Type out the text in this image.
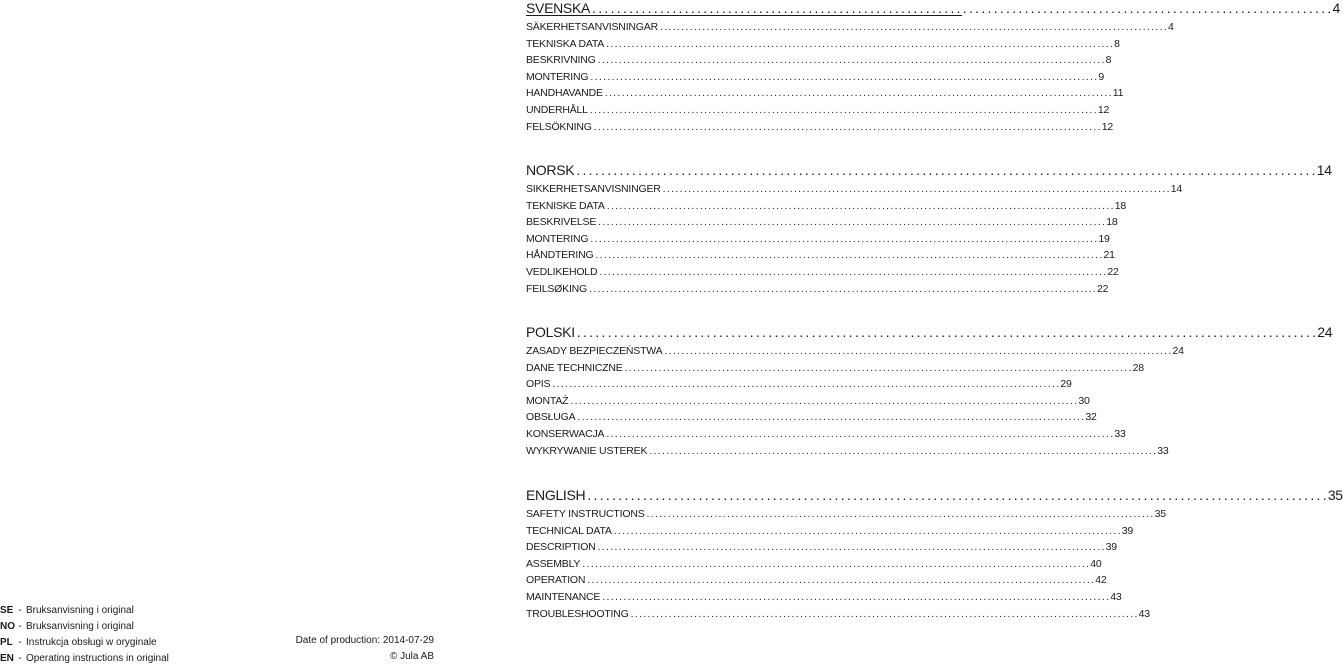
SVENSKA . . .	4
SÄKERHETSANVISNINGAR . . .	4
TEKNISKA DATA . . .	8
BESKRIVNING . . .	8
MONTERING . . .	9
HANDHAVANDE . . .	11
UNDERHÅLL . . .	12
FELSÖKNING . . .	12
NORSK . . .	14
SIKKERHETSANVISNINGER . . .	14
TEKNISKE DATA . . .	18
BESKRIVELSE . . .	18
MONTERING . . .	19
HÅNDTERING . . .	21
VEDLIKEHOLD . . .	22
FEILSØKING . . .	22
POLSKI . . .	24
ZASADY BEZPIECZEŃSTWA . . .	24
DANE TECHNICZNE . . .	28
OPIS . . .	29
MONTAŻ . . .	30
OBSŁUGA . . .	32
KONSERWACJA . . .	33
WYKRYWANIE USTEREK . . .	33
ENGLISH . . .	35
SAFETY INSTRUCTIONS . . .	35
TECHNICAL DATA . . .	39
DESCRIPTION . . .	39
ASSEMBLY . . .	40
OPERATION . . .	42
MAINTENANCE . . .	43
TROUBLESHOOTING . . .	43
SE - Bruksanvisning i original
NO - Bruksanvisning i original
PL - Instrukcja obsługi w oryginale
EN - Operating instructions in original
Date of production: 2014-07-29
© Jula AB
